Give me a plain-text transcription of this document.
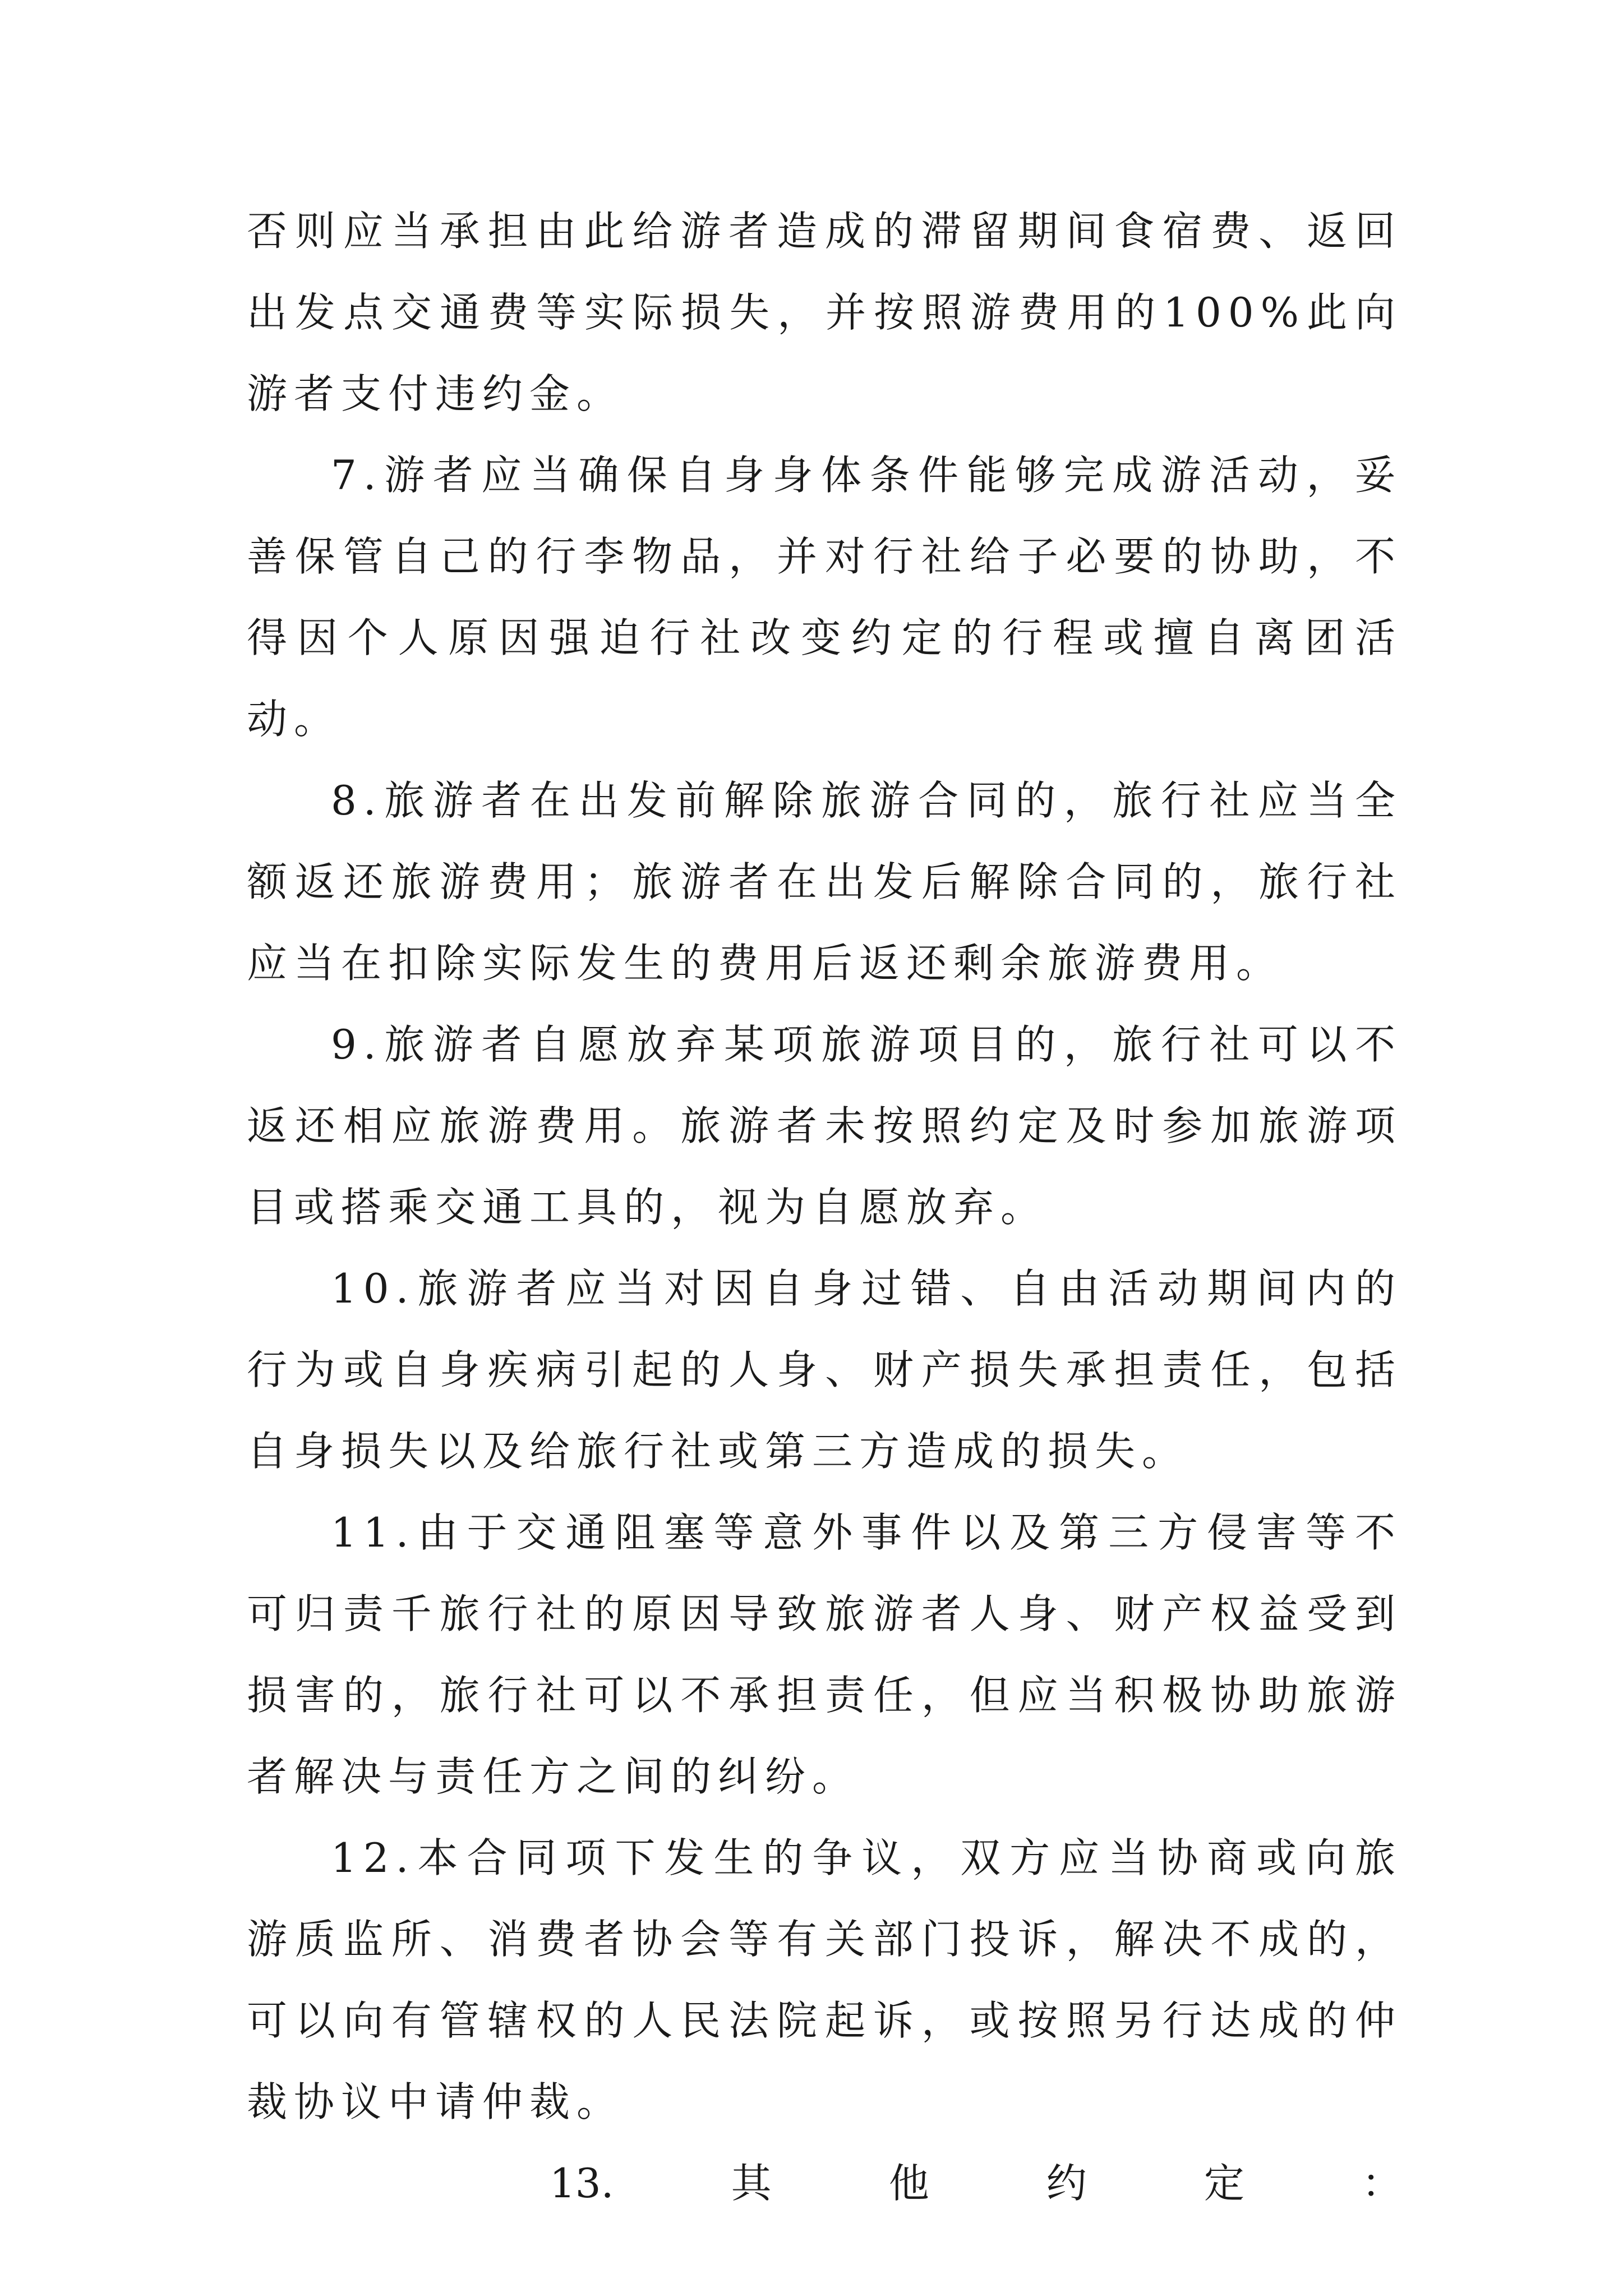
否则应当承担由此给游者造成的滞留期间食宿费、返回出发点交通费等实际损失，并按照游费用的100%此向游者支付违约金。

7.游者应当确保自身身体条件能够完成游活动，妥善保管自己的行李物品，并对行社给子必要的协助，不得因个人原因强迫行社改变约定的行程或擅自离团活动。

8.旅游者在出发前解除旅游合同的，旅行社应当全额返还旅游费用；旅游者在出发后解除合同的，旅行社应当在扣除实际发生的费用后返还剩余旅游费用。

9.旅游者自愿放弃某项旅游项目的，旅行社可以不返还相应旅游费用。旅游者未按照约定及时参加旅游项目或搭乘交通工具的，视为自愿放弃。

10.旅游者应当对因自身过错、自由活动期间内的行为或自身疾病引起的人身、财产损失承担责任，包括自身损失以及给旅行社或第三方造成的损失。

11.由于交通阻塞等意外事件以及第三方侵害等不可归责千旅行社的原因导致旅游者人身、财产权益受到损害的，旅行社可以不承担责任，但应当积极协助旅游者解决与责任方之间的纠纷。

12.本合同项下发生的争议，双方应当协商或向旅游质监所、消费者协会等有关部门投诉，解决不成的，可以向有管辖权的人民法院起诉，或按照另行达成的仲裁协议中请仲裁。

13.	其	他	约	定	：
